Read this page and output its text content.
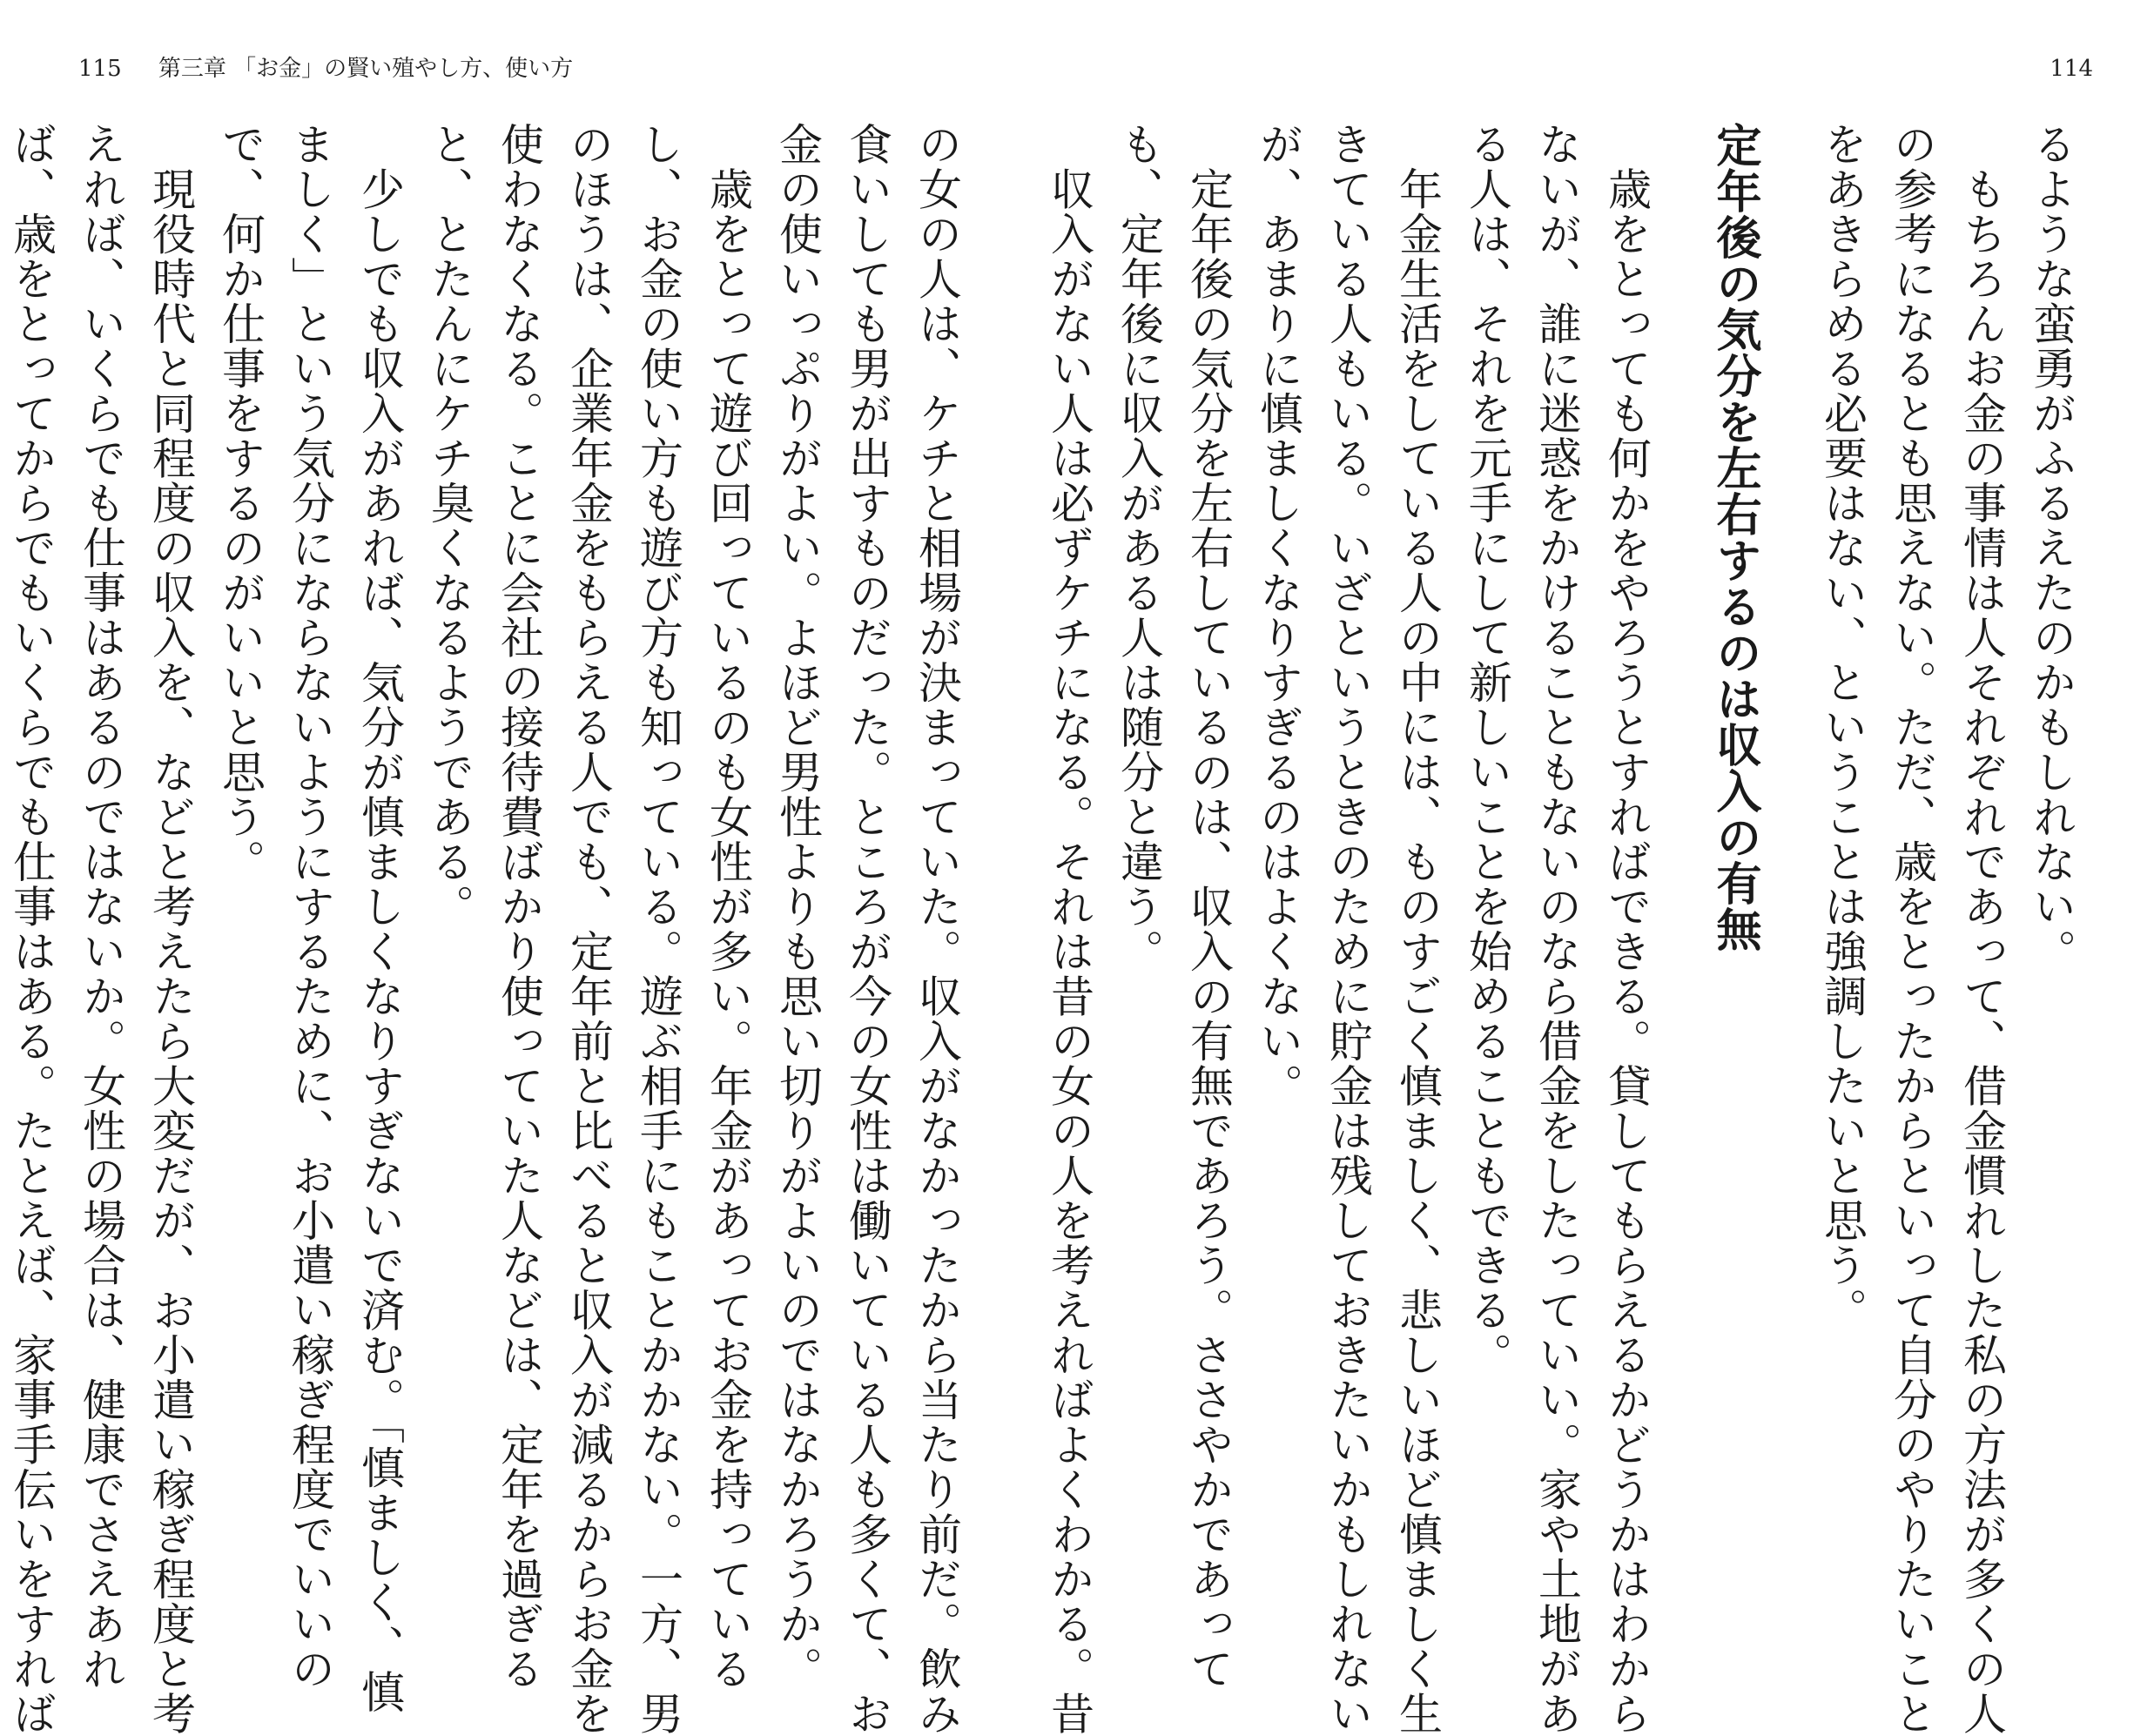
115 第三章 「お金」の賢い殖やし方、使い方	114
るような蛮勇がふるえたのかもしれない。
　もちろんお金の事情は人それぞれであって、借金慣れした私の方法が多くの人
の参考になるとも思えない。ただ、歳をとったからといって自分のやりたいこと
をあきらめる必要はない、ということは強調したいと思う。
定年後の気分を左右するのは収入の有無
　歳をとっても何かをやろうとすればできる。貸してもらえるかどうかはわから
ないが、誰に迷惑をかけることもないのなら借金をしたっていい。家や土地があ
る人は、それを元手にして新しいことを始めることもできる。
　年金生活をしている人の中には、ものすごく慎ましく、悲しいほど慎ましく生
きている人もいる。いざというときのために貯金は残しておきたいかもしれない
が、あまりに慎ましくなりすぎるのはよくない。
　定年後の気分を左右しているのは、収入の有無であろう。ささやかであって
も、定年後に収入がある人は随分と違う。
　収入がない人は必ずケチになる。それは昔の女の人を考えればよくわかる。昔
の女の人は、ケチと相場が決まっていた。収入がなかったから当たり前だ。飲み
食いしても男が出すものだった。ところが今の女性は働いている人も多くて、お
金の使いっぷりがよい。よほど男性よりも思い切りがよいのではなかろうか。
　歳をとって遊び回っているのも女性が多い。年金があってお金を持っている
し、お金の使い方も遊び方も知っている。遊ぶ相手にもことかかない。一方、男
のほうは、企業年金をもらえる人でも、定年前と比べると収入が減るからお金を
使わなくなる。ことに会社の接待費ばかり使っていた人などは、定年を過ぎる
と、とたんにケチ臭くなるようである。
　少しでも収入があれば、気分が慎ましくなりすぎないで済む。「慎ましく、慎
ましく」という気分にならないようにするために、お小遣い稼ぎ程度でいいの
で、何か仕事をするのがいいと思う。
　現役時代と同程度の収入を、などと考えたら大変だが、お小遣い稼ぎ程度と考
えれば、いくらでも仕事はあるのではないか。女性の場合は、健康でさえあれ
ば、歳をとってからでもいくらでも仕事はある。たとえば、家事手伝いをすれば
